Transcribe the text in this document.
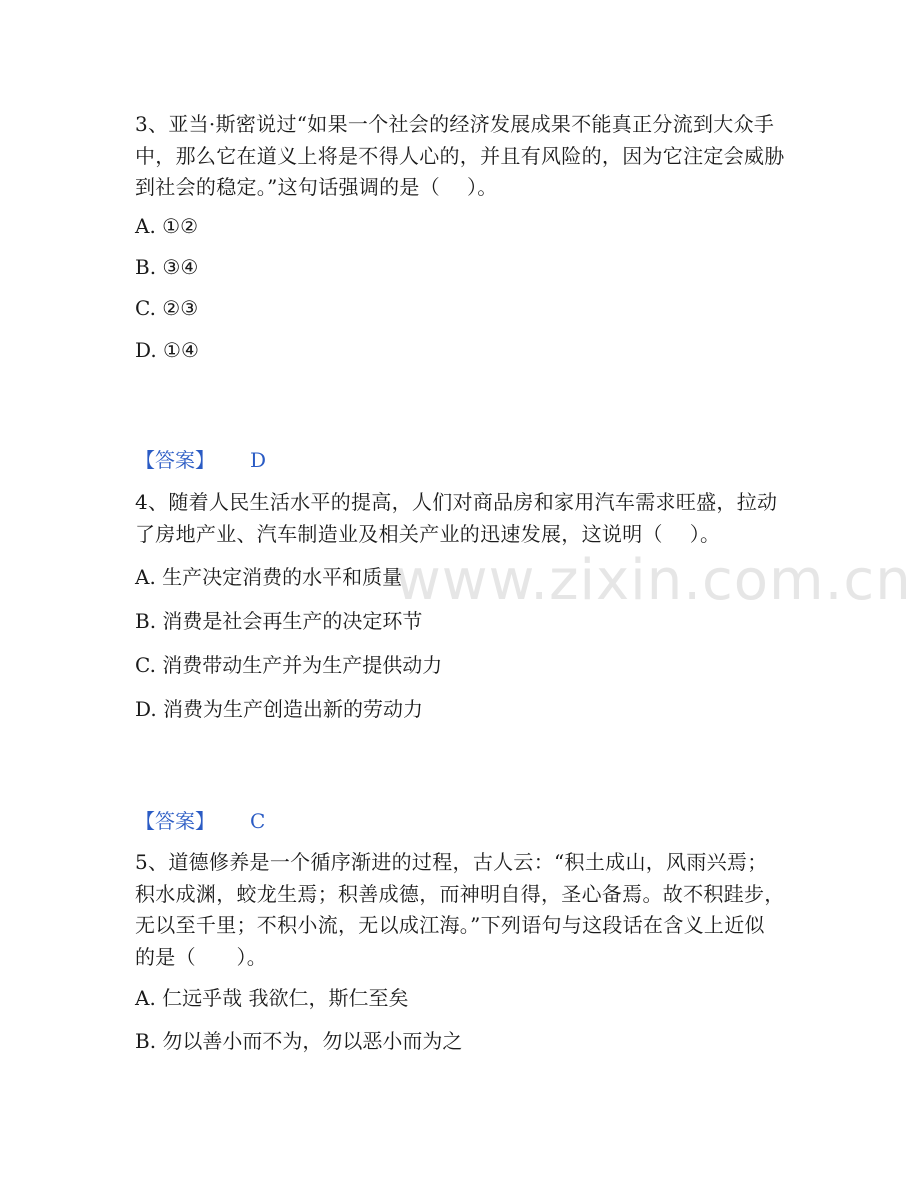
www.zixin.com.cn

3、亚当·斯密说过“如果一个社会的经济发展成果不能真正分流到大众手中，那么它在道义上将是不得人心的，并且有风险的，因为它注定会威胁到社会的稳定。”这句话强调的是（　 ）。

A. ①②
B. ③④
C. ②③
D. ①④
【答案】 D

4、随着人民生活水平的提高，人们对商品房和家用汽车需求旺盛，拉动了房地产业、汽车制造业及相关产业的迅速发展，这说明（　 ）。

A. 生产决定消费的水平和质量
B. 消费是社会再生产的决定环节
C. 消费带动生产并为生产提供动力
D. 消费为生产创造出新的劳动力
【答案】 C

5、道德修养是一个循序渐进的过程，古人云：“积土成山，风雨兴焉；积水成渊，蛟龙生焉；积善成德，而神明自得，圣心备焉。故不积跬步，无以至千里；不积小流，无以成江海。”下列语句与这段话在含义上近似的是（　　）。

A. 仁远乎哉 我欲仁，斯仁至矣
B. 勿以善小而不为，勿以恶小而为之
